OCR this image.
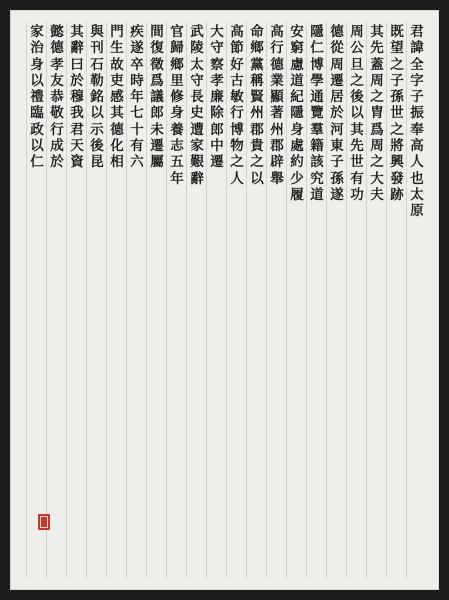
君
諱
全
字
子
振
奉
高
人
也
太
原
既
望
之
子
孫
世
之
將
興
發
跡
其
先
蓋
周
之
胄
爲
周
之
大
夫
周
公
旦
之
後
以
其
先
世
有
功
德
從
周
遷
居
於
河
東
子
孫
遂
隱
仁
博
學
通
覽
羣
籍
該
究
道
安
窮
慮
道
紀
隱
身
處
約
少
履
高
行
德
業
顯
著
州
郡
辟
舉
命
鄉
黨
稱
賢
州
郡
貴
之
以
高
節
好
古
敏
行
博
物
之
人
大
守
察
孝
廉
除
郎
中
遷
武
陵
太
守
長
史
遭
家
艱
辭
官
歸
鄉
里
修
身
養
志
五
年
間
復
徵
爲
議
郎
未
遷
屬
疾
遂
卒
時
年
七
十
有
六
門
生
故
吏
感
其
德
化
相
與
刊
石
勒
銘
以
示
後
昆
其
辭
曰
於
穆
我
君
天
資
懿
德
孝
友
恭
敬
行
成
於
家
治
身
以
禮
臨
政
以
仁
